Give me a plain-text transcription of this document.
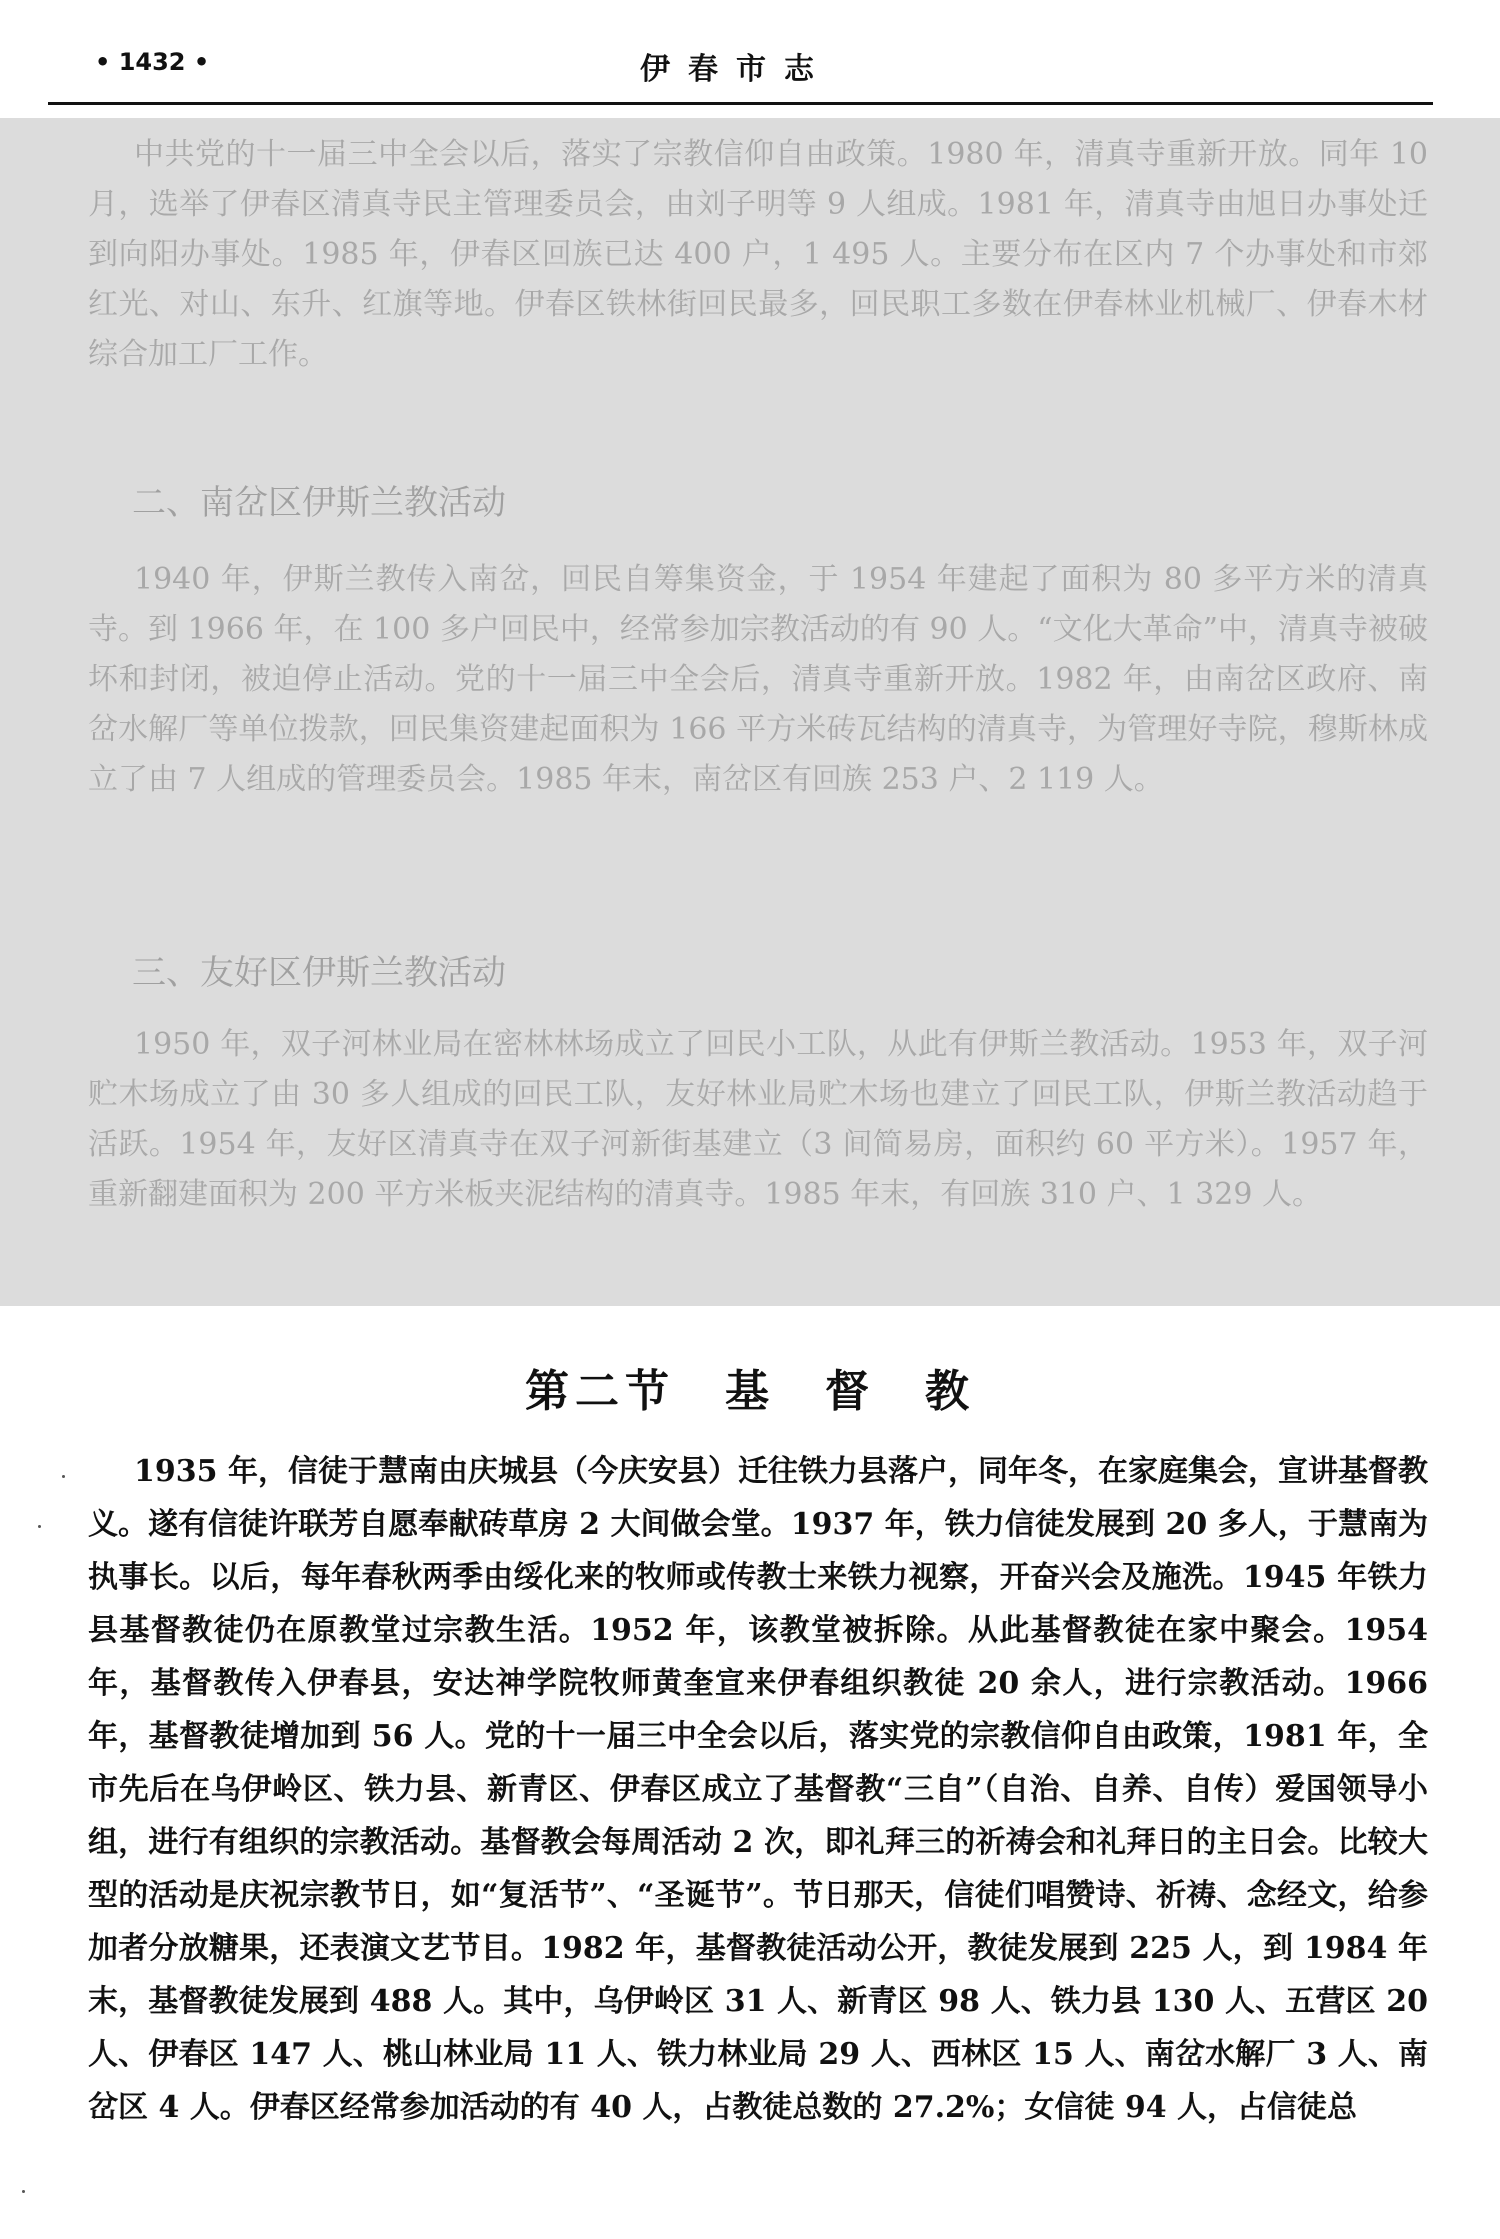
• 1432 •	伊春市志

中共党的十一届三中全会以后，落实了宗教信仰自由政策。1980 年，清真寺重新开放。同年 10 月，选举了伊春区清真寺民主管理委员会，由刘子明等 9 人组成。1981 年，清真寺由旭日办事处迁到向阳办事处。1985 年，伊春区回族已达 400 户，1 495 人。主要分布在区内 7 个办事处和市郊红光、对山、东升、红旗等地。伊春区铁林街回民最多，回民职工多数在伊春林业机械厂、伊春木材综合加工厂工作。

二、南岔区伊斯兰教活动

1940 年，伊斯兰教传入南岔，回民自筹集资金，于 1954 年建起了面积为 80 多平方米的清真寺。到 1966 年，在 100 多户回民中，经常参加宗教活动的有 90 人。“文化大革命”中，清真寺被破坏和封闭，被迫停止活动。党的十一届三中全会后，清真寺重新开放。1982 年，由南岔区政府、南岔水解厂等单位拨款，回民集资建起面积为 166 平方米砖瓦结构的清真寺，为管理好寺院，穆斯林成立了由 7 人组成的管理委员会。1985 年末，南岔区有回族 253 户、2 119 人。

三、友好区伊斯兰教活动

1950 年，双子河林业局在密林林场成立了回民小工队，从此有伊斯兰教活动。1953 年，双子河贮木场成立了由 30 多人组成的回民工队，友好林业局贮木场也建立了回民工队，伊斯兰教活动趋于活跃。1954 年，友好区清真寺在双子河新街基建立（3 间简易房，面积约 60 平方米）。1957 年，重新翻建面积为 200 平方米板夹泥结构的清真寺。1985 年末，有回族 310 户、1 329 人。

第二节　基　督　教

1935 年，信徒于慧南由庆城县（今庆安县）迁往铁力县落户，同年冬，在家庭集会，宣讲基督教义。遂有信徒许联芳自愿奉献砖草房 2 大间做会堂。1937 年，铁力信徒发展到 20 多人，于慧南为执事长。以后，每年春秋两季由绥化来的牧师或传教士来铁力视察，开奋兴会及施洗。1945 年铁力县基督教徒仍在原教堂过宗教生活。1952 年，该教堂被拆除。从此基督教徒在家中聚会。1954 年，基督教传入伊春县，安达神学院牧师黄奎宣来伊春组织教徒 20 余人，进行宗教活动。1966 年，基督教徒增加到 56 人。党的十一届三中全会以后，落实党的宗教信仰自由政策，1981 年，全市先后在乌伊岭区、铁力县、新青区、伊春区成立了基督教“三自”（自治、自养、自传）爱国领导小组，进行有组织的宗教活动。基督教会每周活动 2 次，即礼拜三的祈祷会和礼拜日的主日会。比较大型的活动是庆祝宗教节日，如“复活节”、“圣诞节”。节日那天，信徒们唱赞诗、祈祷、念经文，给参加者分放糖果，还表演文艺节目。1982 年，基督教徒活动公开，教徒发展到 225 人，到 1984 年末，基督教徒发展到 488 人。其中，乌伊岭区 31 人、新青区 98 人、铁力县 130 人、五营区 20 人、伊春区 147 人、桃山林业局 11 人、铁力林业局 29 人、西林区 15 人、南岔水解厂 3 人、南岔区 4 人。伊春区经常参加活动的有 40 人，占教徒总数的 27.2%；女信徒 94 人，占信徒总
